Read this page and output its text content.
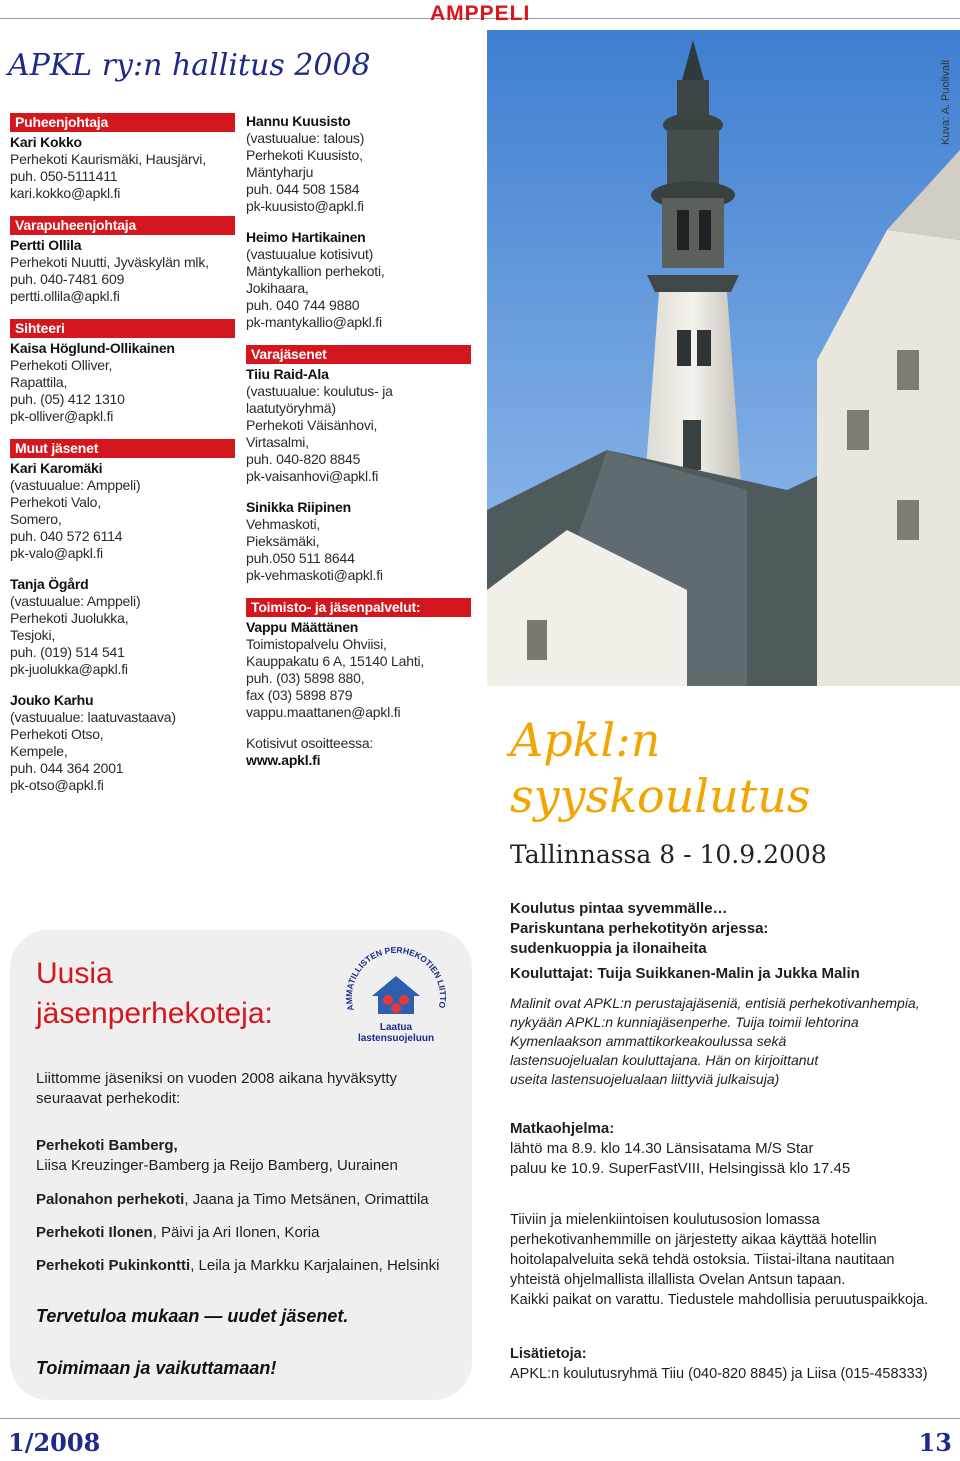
AMPPELI
APKL ry:n hallitus 2008
Puheenjohtaja
Kari Kokko
Perhekoti Kaurismäki, Hausjärvi,
puh. 050-5111411
kari.kokko@apkl.fi
Varapuheenjohtaja
Pertti Ollila
Perhekoti Nuutti, Jyväskylän mlk,
puh. 040-7481 609
pertti.ollila@apkl.fi
Sihteeri
Kaisa Höglund-Ollikainen
Perhekoti Olliver,
Rapattila,
puh. (05) 412 1310
pk-olliver@apkl.fi
Muut jäsenet
Kari Karomäki
(vastuualue: Amppeli)
Perhekoti Valo,
Somero,
puh. 040 572 6114
pk-valo@apkl.fi
Tanja Ögård
(vastuualue: Amppeli)
Perhekoti Juolukka,
Tesjoki,
puh. (019) 514 541
pk-juolukka@apkl.fi
Jouko Karhu
(vastuualue: laatuvastaava)
Perhekoti Otso,
Kempele,
puh. 044 364 2001
pk-otso@apkl.fi
Hannu Kuusisto
(vastuualue: talous)
Perhekoti Kuusisto,
Mäntyharju
puh. 044 508 1584
pk-kuusisto@apkl.fi
Heimo Hartikainen
(vastuualue kotisivut)
Mäntykallion perhekoti,
Jokihaara,
puh. 040 744 9880
pk-mantykallio@apkl.fi
Varajäsenet
Tiiu Raid-Ala
(vastuualue: koulutus- ja
laatutyöryhmä)
Perhekoti Väisänhovi,
Virtasalmi,
puh. 040-820 8845
pk-vaisanhovi@apkl.fi
Sinikka Riipinen
Vehmaskoti,
Pieksämäki,
puh.050 511 8644
pk-vehmaskoti@apkl.fi
Toimisto- ja jäsenpalvelut:
Vappu Määttänen
Toimistopalvelu Ohviisi,
Kauppakatu 6 A, 15140 Lahti,
puh. (03) 5898 880,
fax (03) 5898 879
vappu.maattanen@apkl.fi
Kotisivut osoitteessa:
www.apkl.fi
Kuva: A. Puolivali
Uusia
jäsenperhekoteja:	AMMATILLISTEN PERHEKOTIEN LIITTO
Laatua
lastensuojeluun
Liittomme jäseniksi on vuoden 2008 aikana hyväksytty
seuraavat perhekodit:
Perhekoti Bamberg,
Liisa Kreuzinger-Bamberg ja Reijo Bamberg, Uurainen
Palonahon perhekoti, Jaana ja Timo Metsänen, Orimattila
Perhekoti Ilonen, Päivi ja Ari Ilonen, Koria
Perhekoti Pukinkontti, Leila ja Markku Karjalainen, Helsinki
Tervetuloa mukaan — uudet jäsenet.
Toimimaan ja vaikuttamaan!
Apkl:n
syyskoulutus
Tallinnassa 8 - 10.9.2008
Koulutus pintaa syvemmälle…
Pariskuntana perhekotityön arjessa:
sudenkuoppia ja ilonaiheita
Kouluttajat: Tuija Suikkanen-Malin ja Jukka Malin
Malinit ovat APKL:n perustajajäseniä, entisiä perhekotivanhempia,
nykyään APKL:n kunniajäsenperhe. Tuija toimii lehtorina
Kymenlaakson ammattikorkeakoulussa sekä
lastensuojelualan kouluttajana. Hän on kirjoittanut
useita lastensuojelualaan liittyviä julkaisuja)
Matkaohjelma:
lähtö ma 8.9. klo 14.30 Länsisatama M/S Star
paluu ke 10.9. SuperFastVIII, Helsingissä klo 17.45
Tiiviin ja mielenkiintoisen koulutusosion lomassa
perhekotivanhemmille on järjestetty aikaa käyttää hotellin
hoitolapalveluita sekä tehdä ostoksia. Tiistai-iltana nautitaan
yhteistä ohjelmallista illallista Ovelan Antsun tapaan.
Kaikki paikat on varattu. Tiedustele mahdollisia peruutuspaikkoja.
Lisätietoja:
APKL:n koulutusryhmä Tiiu (040-820 8845) ja Liisa (015-458333)
1/2008	13
